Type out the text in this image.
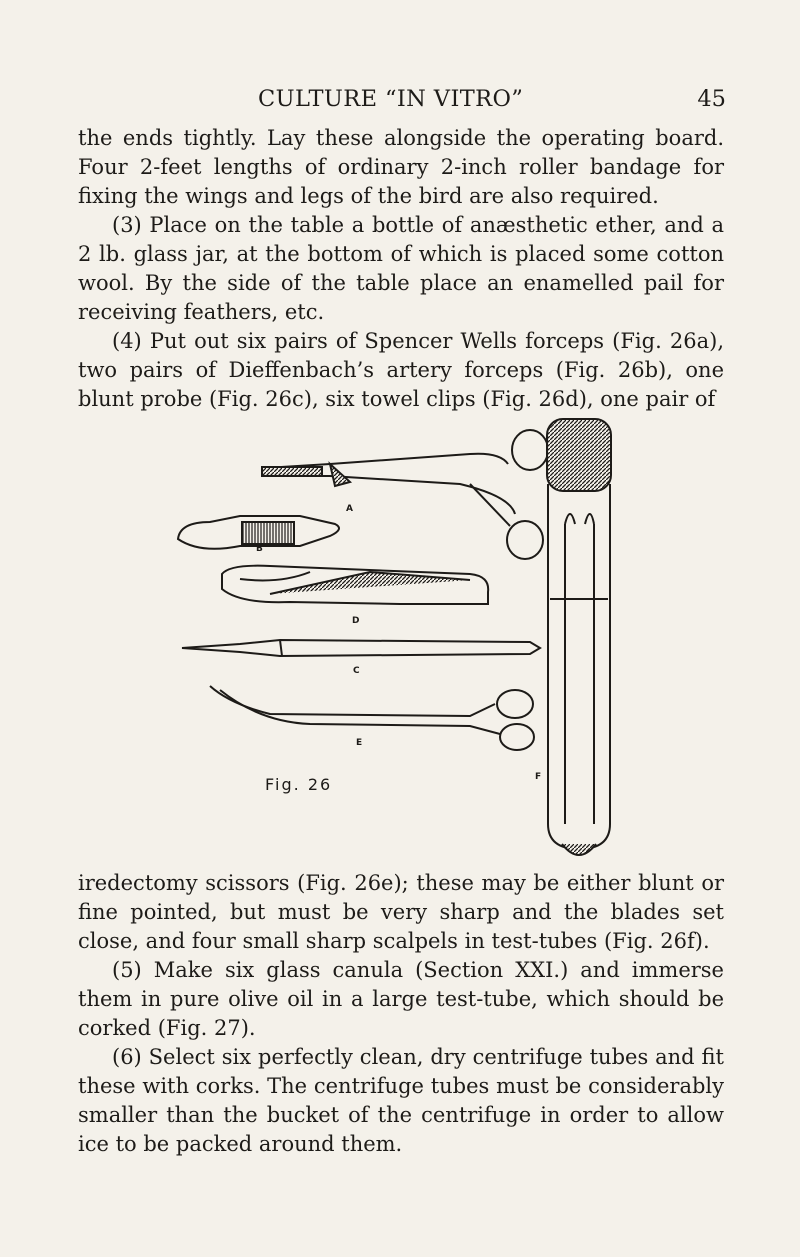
CULTURE “IN VITRO”	45

the ends tightly. Lay these alongside the operating board. Four 2-feet lengths of ordinary 2-inch roller bandage for fixing the wings and legs of the bird are also required.

(3) Place on the table a bottle of anæsthetic ether, and a 2 lb. glass jar, at the bottom of which is placed some cotton wool. By the side of the table place an enamelled pail for receiving feathers, etc.

(4) Put out six pairs of Spencer Wells forceps (Fig. 26a), two pairs of Dieffenbach’s artery forceps (Fig. 26b), one blunt probe (Fig. 26c), six towel clips (Fig. 26d), one pair of

A
B
D
C
E
F
Fig. 26

iredectomy scissors (Fig. 26e); these may be either blunt or fine pointed, but must be very sharp and the blades set close, and four small sharp scalpels in test-tubes (Fig. 26f).

(5) Make six glass canula (Section XXI.) and immerse them in pure olive oil in a large test-tube, which should be corked (Fig. 27).

(6) Select six perfectly clean, dry centrifuge tubes and fit these with corks. The centrifuge tubes must be considerably smaller than the bucket of the centrifuge in order to allow ice to be packed around them.
